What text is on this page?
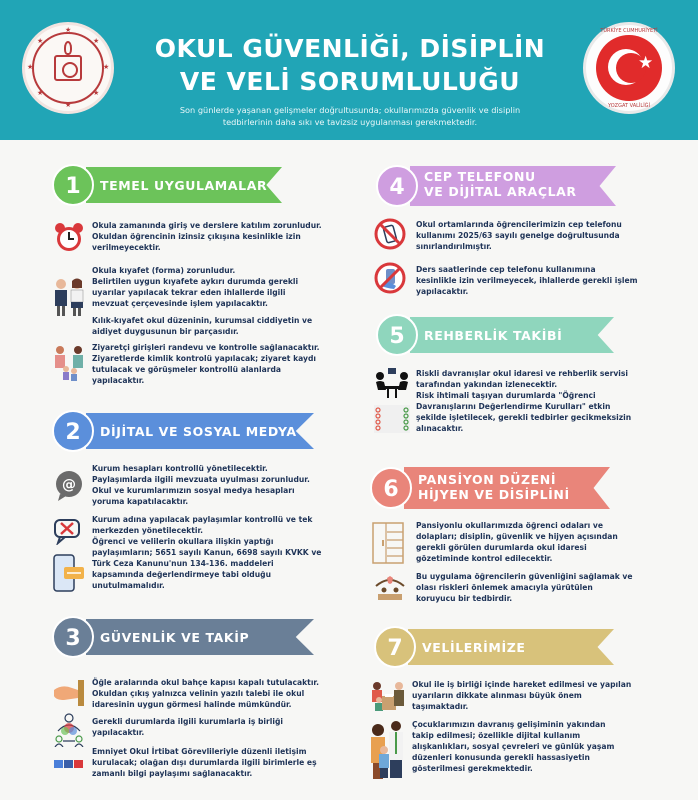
★
★	★
★	★
★	★
★
TÜRKİYE CUMHURİYETİ
★
YOZGAT VALİLİĞİ
OKUL GÜVENLİĞİ, DİSİPLİN
VE VELİ SORUMLULUĞU
Son günlerde yaşanan gelişmeler doğrultusunda; okullarımızda güvenlik ve disiplin
tedbirlerinin daha sıkı ve tavizsiz uygulanması gerekmektedir.
1	TEMEL UYGULAMALAR

Okula zamanında giriş ve derslere katılım zorunludur.

Okuldan öğrencinin izinsiz çıkışına kesinlikle izin

verilmeyecektir.

Okula kıyafet (forma) zorunludur.

Belirtilen uygun kıyafete aykırı durumda gerekli

uyarılar yapılacak tekrar eden ihlallerde ilgili

mevzuat çerçevesinde işlem yapılacaktır.

Kılık-kıyafet okul düzeninin, kurumsal ciddiyetin ve

aidiyet duygusunun bir parçasıdır.

Ziyaretçi girişleri randevu ve kontrolle sağlanacaktır.

Ziyaretlerde kimlik kontrolü yapılacak; ziyaret kaydı

tutulacak ve görüşmeler kontrollü alanlarda

yapılacaktır.

2	DİJİTAL VE SOSYAL MEDYA
@

Kurum hesapları kontrollü yönetilecektir.

Paylaşımlarda ilgili mevzuata uyulması zorunludur.

Okul ve kurumlarımızın sosyal medya hesapları

yoruma kapatılacaktır.

Kurum adına yapılacak paylaşımlar kontrollü ve tek

merkezden yönetilecektir.

Öğrenci ve velilerin okullara ilişkin yaptığı

paylaşımların; 5651 sayılı Kanun, 6698 sayılı KVKK ve

Türk Ceza Kanunu'nun 134-136. maddeleri

kapsamında değerlendirmeye tabi olduğu

unutulmamalıdır.

3	GÜVENLİK VE TAKİP

Öğle aralarında okul bahçe kapısı kapalı tutulacaktır.

Okuldan çıkış yalnızca velinin yazılı talebi ile okul

idaresinin uygun görmesi halinde mümkündür.

Gerekli durumlarda ilgili kurumlarla iş birliği

yapılacaktır.

Emniyet Okul İrtibat Görevlileriyle düzenli iletişim

kurulacak; olağan dışı durumlarda ilgili birimlerle eş

zamanlı bilgi paylaşımı sağlanacaktır.

4	CEP TELEFONU
VE DİJİTAL ARAÇLAR

Okul ortamlarında öğrencilerimizin cep telefonu

kullanımı 2025/63 sayılı genelge doğrultusunda

sınırlandırılmıştır.

Ders saatlerinde cep telefonu kullanımına

kesinlikle izin verilmeyecek, ihlallerde gerekli işlem

yapılacaktır.

5	REHBERLİK TAKİBİ

Riskli davranışlar okul idaresi ve rehberlik servisi

tarafından yakından izlenecektir.

Risk ihtimali taşıyan durumlarda "Öğrenci

Davranışlarını Değerlendirme Kurulları" etkin

şekilde işletilecek, gerekli tedbirler gecikmeksizin

alınacaktır.

6	PANSİYON DÜZENİ
HİJYEN VE DİSİPLİNİ

Pansiyonlu okullarımızda öğrenci odaları ve

dolapları; disiplin, güvenlik ve hijyen açısından

gerekli görülen durumlarda okul idaresi

gözetiminde kontrol edilecektir.

Bu uygulama öğrencilerin güvenliğini sağlamak ve

olası riskleri önlemek amacıyla yürütülen

koruyucu bir tedbirdir.

7	VELİLERİMİZE

Okul ile iş birliği içinde hareket edilmesi ve yapılan

uyarıların dikkate alınması büyük önem

taşımaktadır.

Çocuklarımızın davranış gelişiminin yakından

takip edilmesi; özellikle dijital kullanım

alışkanlıkları, sosyal çevreleri ve günlük yaşam

düzenleri konusunda gerekli hassasiyetin

gösterilmesi gerekmektedir.
